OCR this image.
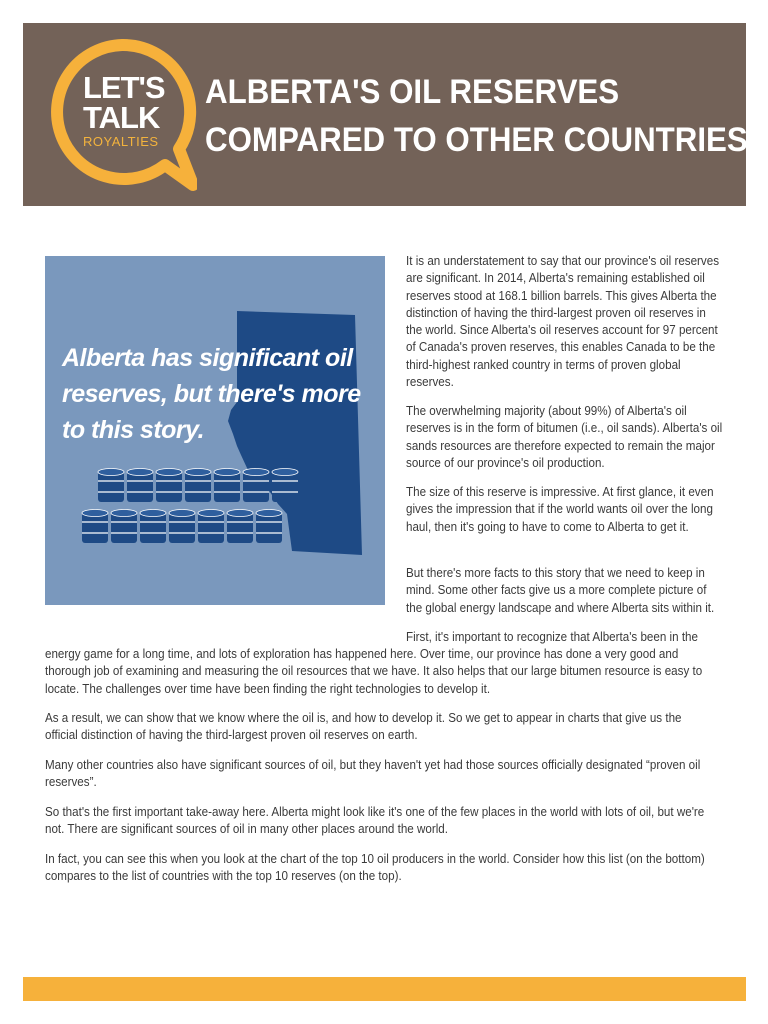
LET'S
TALK
ROYALTIES
ALBERTA'S OIL RESERVES
COMPARED TO OTHER COUNTRIES
Alberta has significant oil reserves, but there's more to this story.

It is an understatement to say that our province's oil reserves are significant. In 2014, Alberta's remaining established oil reserves stood at 168.1 billion barrels. This gives Alberta the distinction of having the third-largest proven oil reserves in the world. Since Alberta's oil reserves account for 97 percent of Canada's proven reserves, this enables Canada to be the third-highest ranked country in terms of proven global reserves.

The overwhelming majority (about 99%) of Alberta's oil reserves is in the form of bitumen (i.e., oil sands). Alberta's oil sands resources are therefore expected to remain the major source of our province's oil production.

The size of this reserve is impressive. At first glance, it even gives the impression that if the world wants oil over the long haul, then it's going to have to come to Alberta to get it.

But there's more facts to this story that we need to keep in mind. Some other facts give us a more complete picture of the global energy landscape and where Alberta sits within it.

First, it's important to recognize that Alberta's been in the

energy game for a long time, and lots of exploration has happened here. Over time, our province has done a very good and thorough job of examining and measuring the oil resources that we have. It also helps that our large bitumen resource is easy to locate. The challenges over time have been finding the right technologies to develop it.

As a result, we can show that we know where the oil is, and how to develop it. So we get to appear in charts that give us the official distinction of having the third-largest proven oil reserves on earth.

Many other countries also have significant sources of oil, but they haven't yet had those sources officially designated “proven oil reserves”.

So that's the first important take-away here. Alberta might look like it's one of the few places in the world with lots of oil, but we're not. There are significant sources of oil in many other places around the world.

In fact, you can see this when you look at the chart of the top 10 oil producers in the world. Consider how this list (on the bottom) compares to the list of countries with the top 10 reserves (on the top).
